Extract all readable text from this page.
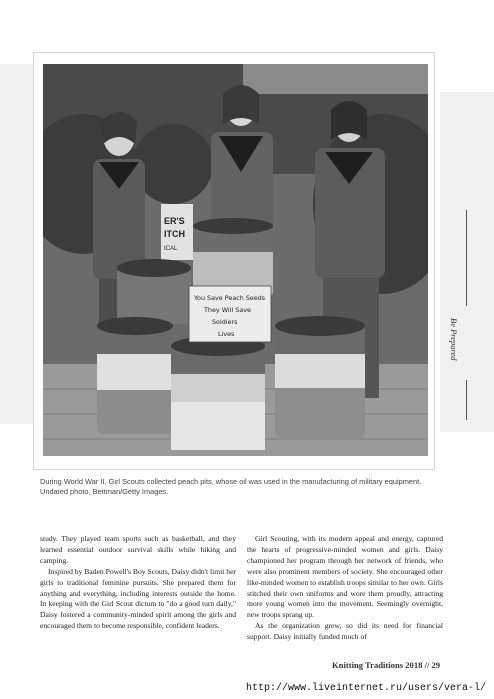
ER'S
ITCH
ICAL
You Save Peach Seeds
They Will Save
Soldiers
Lives
During World War II, Girl Scouts collected peach pits, whose oil was used in the manufacturing of military equipment. Undated photo, Bettman/Getty Images.
Be Prepared

study. They played team sports such as basketball, and they learned essential outdoor survival skills while hiking and camping.

Inspired by Baden Powell's Boy Scouts, Daisy didn't limit her girls to traditional feminine pursuits. She prepared them for anything and everything, including interests outside the home. In keeping with the Girl Scout dictum to "do a good turn daily," Daisy fostered a community-minded spirit among the girls and encouraged them to become responsible, confident leaders.

Girl Scouting, with its modern appeal and energy, captured the hearts of progressive-minded women and girls. Daisy championed her program through her network of friends, who were also prominent members of society. She encouraged other like-minded women to establish troops similar to her own. Girls stitched their own uniforms and wore them proudly, attracting more young women into the movement. Seemingly overnight, new troops sprang up.

As the organization grew, so did its need for financial support. Daisy initially funded much of

Knitting Traditions 2018 // 29
http://www.liveinternet.ru/users/vera-l/
